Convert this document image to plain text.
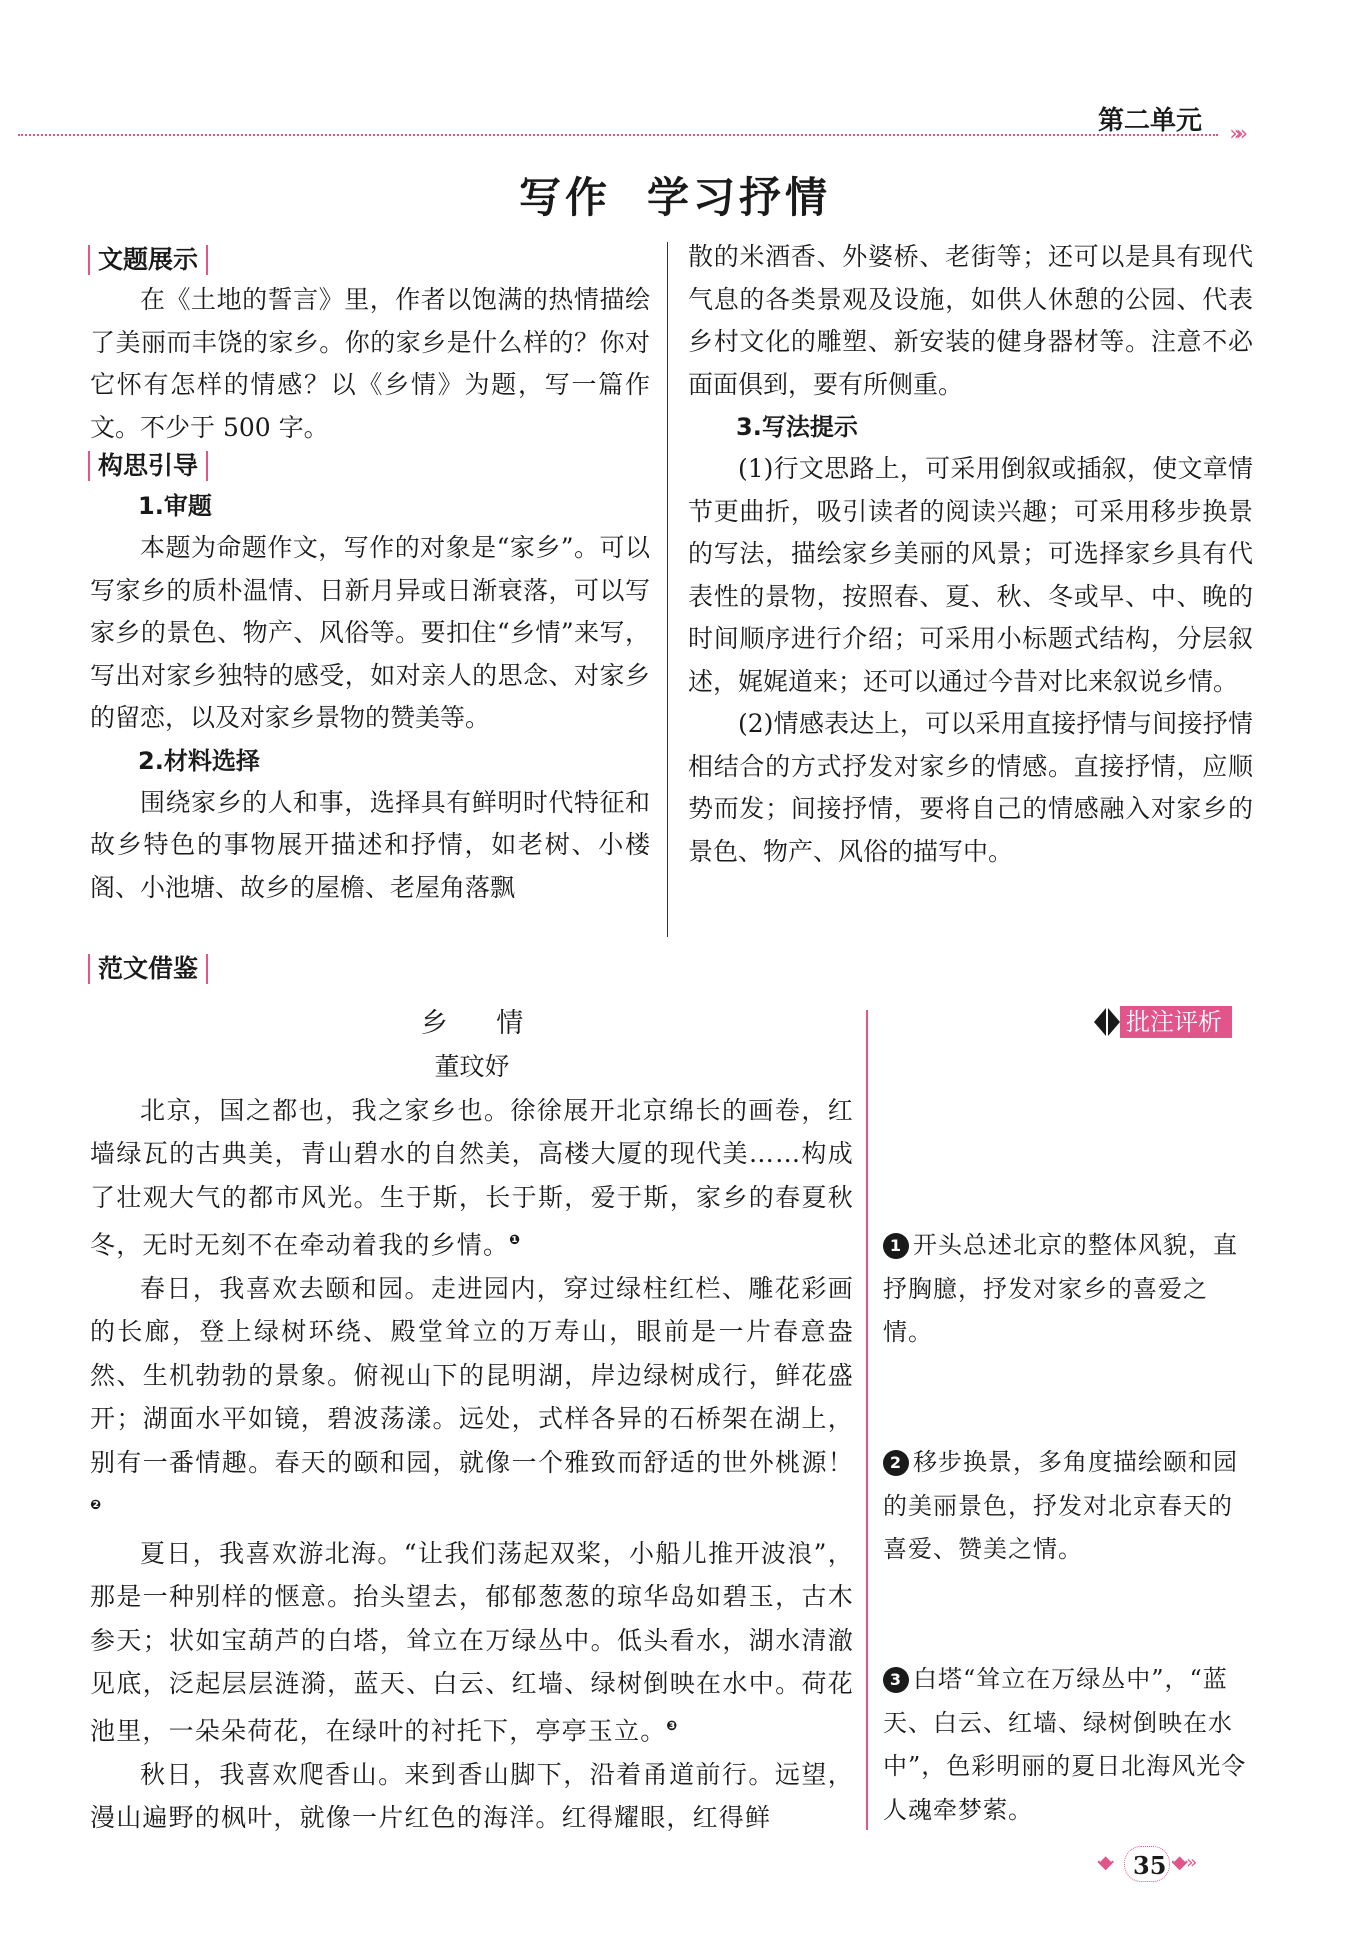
第二单元 »»
写作 学习抒情
文题展示

在《土地的誓言》里，作者以饱满的热情描绘了美丽而丰饶的家乡。你的家乡是什么样的？你对它怀有怎样的情感？以《乡情》为题，写一篇作文。不少于 500 字。

构思引导

1.审题

本题为命题作文，写作的对象是“家乡”。可以写家乡的质朴温情、日新月异或日渐衰落，可以写家乡的景色、物产、风俗等。要扣住“乡情”来写，写出对家乡独特的感受，如对亲人的思念、对家乡的留恋，以及对家乡景物的赞美等。

2.材料选择

围绕家乡的人和事，选择具有鲜明时代特征和故乡特色的事物展开描述和抒情，如老树、小楼阁、小池塘、故乡的屋檐、老屋角落飘

散的米酒香、外婆桥、老街等；还可以是具有现代气息的各类景观及设施，如供人休憩的公园、代表乡村文化的雕塑、新安装的健身器材等。注意不必面面俱到，要有所侧重。

3.写法提示

(1)行文思路上，可采用倒叙或插叙，使文章情节更曲折，吸引读者的阅读兴趣；可采用移步换景的写法，描绘家乡美丽的风景；可选择家乡具有代表性的景物，按照春、夏、秋、冬或早、中、晚的时间顺序进行介绍；可采用小标题式结构，分层叙述，娓娓道来；还可以通过今昔对比来叙说乡情。

(2)情感表达上，可以采用直接抒情与间接抒情相结合的方式抒发对家乡的情感。直接抒情，应顺势而发；间接抒情，要将自己的情感融入对家乡的景色、物产、风俗的描写中。

范文借鉴

乡 情

董玟妤

北京，国之都也，我之家乡也。徐徐展开北京绵长的画卷，红墙绿瓦的古典美，青山碧水的自然美，高楼大厦的现代美……构成了壮观大气的都市风光。生于斯，长于斯，爱于斯，家乡的春夏秋冬，无时无刻不在牵动着我的乡情。$^❶$

春日，我喜欢去颐和园。走进园内，穿过绿柱红栏、雕花彩画的长廊，登上绿树环绕、殿堂耸立的万寿山，眼前是一片春意盎然、生机勃勃的景象。俯视山下的昆明湖，岸边绿树成行，鲜花盛开；湖面水平如镜，碧波荡漾。远处，式样各异的石桥架在湖上，别有一番情趣。春天的颐和园，就像一个雅致而舒适的世外桃源！$^❷$

夏日，我喜欢游北海。“让我们荡起双桨，小船儿推开波浪”，那是一种别样的惬意。抬头望去，郁郁葱葱的琼华岛如碧玉，古木参天；状如宝葫芦的白塔，耸立在万绿丛中。低头看水，湖水清澈见底，泛起层层涟漪，蓝天、白云、红墙、绿树倒映在水中。荷花池里，一朵朵荷花，在绿叶的衬托下，亭亭玉立。$^❸$

秋日，我喜欢爬香山。来到香山脚下，沿着甬道前行。远望，漫山遍野的枫叶，就像一片红色的海洋。红得耀眼，红得鲜

批注评析
1 开头总述北京的整体风貌，直抒胸臆，抒发对家乡的喜爱之情。
2 移步换景，多角度描绘颐和园的美丽景色，抒发对北京春天的喜爱、赞美之情。
3 白塔“耸立在万绿丛中”，“蓝天、白云、红墙、绿树倒映在水中”，色彩明丽的夏日北海风光令人魂牵梦萦。
·◆· 35 ·◆·»
